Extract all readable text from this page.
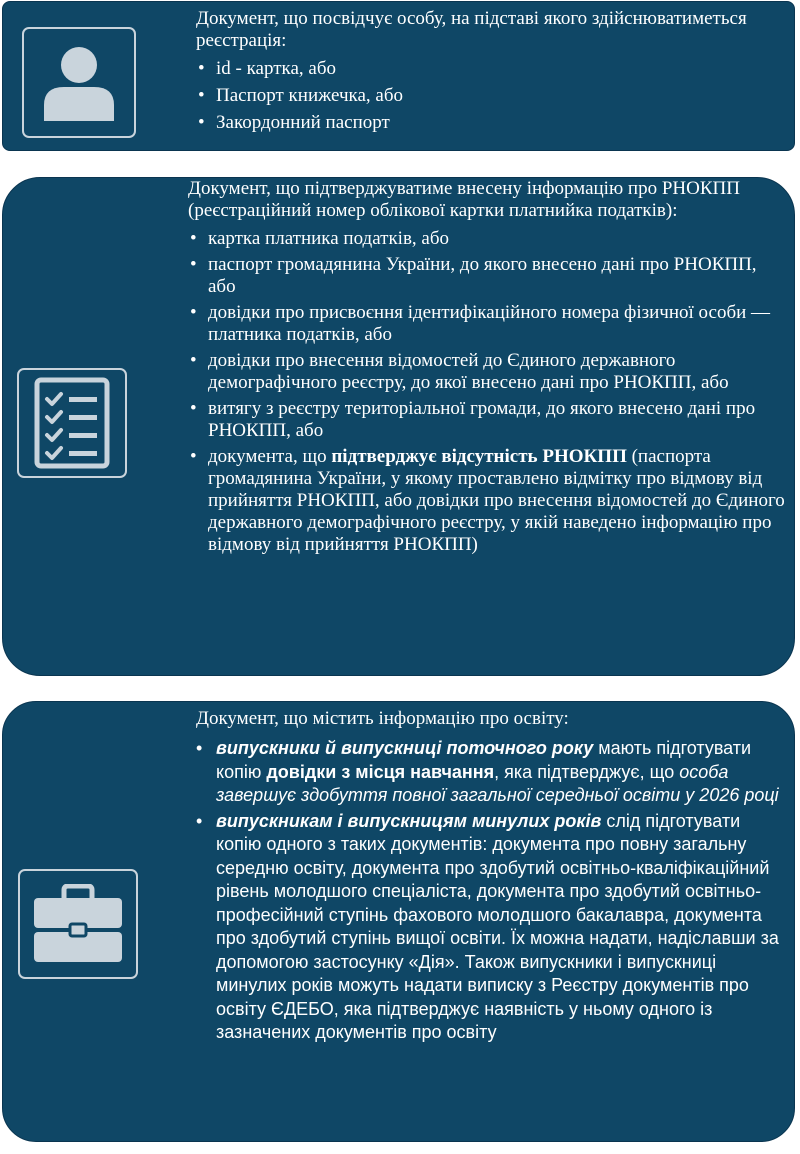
Документ, що посвідчує особу, на підставі якого здійснюватиметься реєстрація:

• id - картка, або
• Паспорт книжечка, або
• Закордонний паспорт

Документ, що підтверджуватиме внесену інформацію про РНОКПП (реєстраційний номер облікової картки платнийка податків):

• картка платника податків, або
• паспорт громадянина України, до якого внесено дані про РНОКПП, або
• довідки про присвоєння ідентифікаційного номера фізичної особи — платника податків, або
• довідки про внесення відомостей до Єдиного державного демографічного реєстру, до якої внесено дані про РНОКПП, або
• витягу з реєстру територіальної громади, до якого внесено дані про РНОКПП, або
• документа, що підтверджує відсутність РНОКПП (паспорта громадянина України, у якому проставлено відмітку про відмову від прийняття РНОКПП, або довідки про внесення відомостей до Єдиного державного демографічного реєстру, у якій наведено інформацію про відмову від прийняття РНОКПП)

Документ, що містить інформацію про освіту:

• випускники й випускниці поточного року мають підготувати копію довідки з місця навчання, яка підтверджує, що особа завершує здобуття повної загальної середньої освіти у 2026 році
• випускникам і випускницям минулих років слід підготувати копію одного з таких документів: документа про повну загальну середню освіту, документа про здобутий освітньо-кваліфікаційний рівень молодшого спеціаліста, документа про здобутий освітньо-професійний ступінь фахового молодшого бакалавра, документа про здобутий ступінь вищої освіти. Їх можна надати, надіславши за допомогою застосунку «Дія». Також випускники і випускниці минулих років можуть надати виписку з Реєстру документів про освіту ЄДЕБО, яка підтверджує наявність у ньому одного із зазначених документів про освіту
